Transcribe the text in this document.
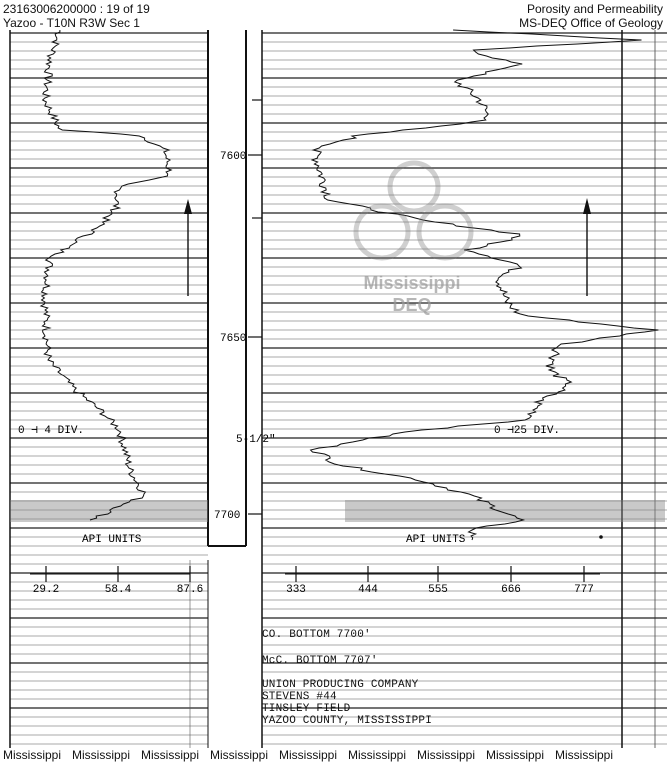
23163006200000 : 19 of 19
Yazoo - T10N R3W Sec 1
Porosity and Permeability
MS-DEQ Office of Geology
7600
7650
7700
5-1/2"
0 ⊣ 4 DIV.	0 ⊣25 DIV.
API UNITS	API UNITS
29.2	58.4	87.6	333	444	555	666	777
Mississippi
DEQ
CO. BOTTOM 7700'
McC. BOTTOM 7707'
UNION PRODUCING COMPANY
STEVENS #44
TINSLEY FIELD
YAZOO COUNTY, MISSISSIPPI
Mississippi Mississippi Mississippi Mississippi Mississippi Mississippi Mississippi Mississippi Mississippi
